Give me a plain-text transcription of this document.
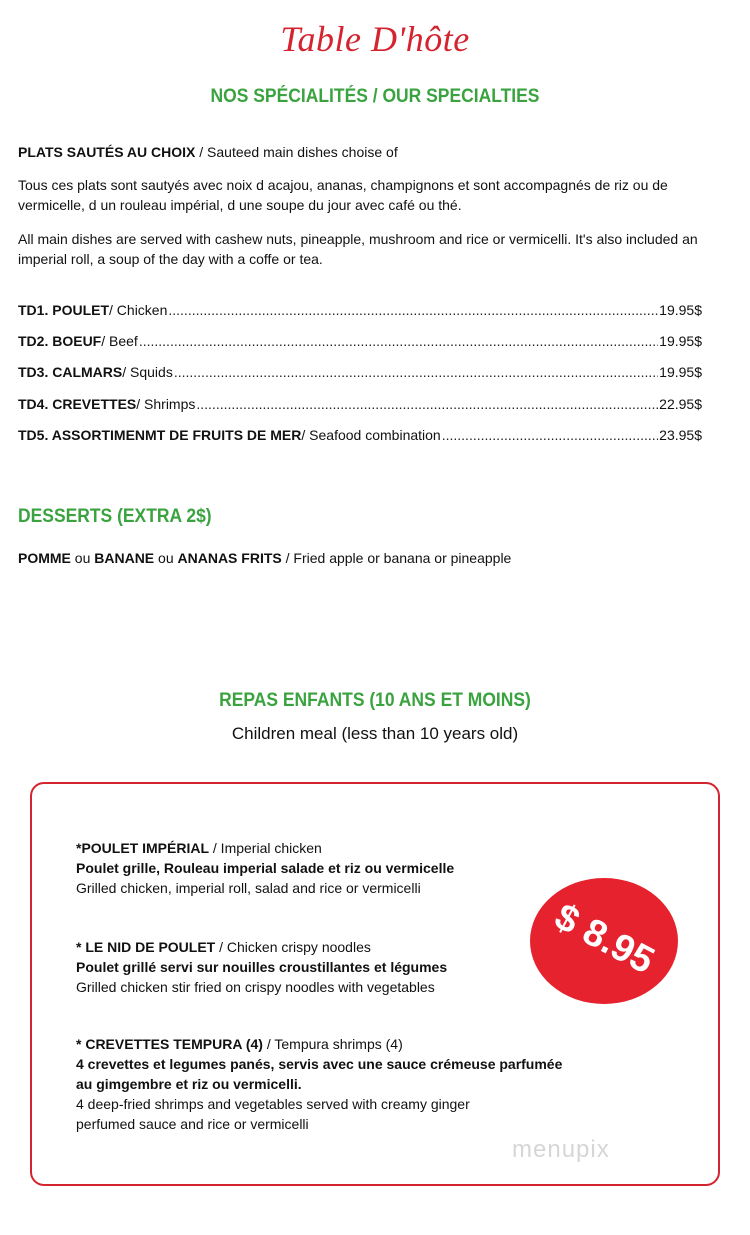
Table D'hôte
NOS SPÉCIALITÉS / OUR SPECIALTIES
PLATS SAUTÉS AU CHOIX / Sauteed main dishes choise of
Tous ces plats sont sautyés avec noix d acajou, ananas, champignons et sont accompagnés de riz ou de vermicelle, d un rouleau impérial, d une soupe du jour avec café ou thé.
All main dishes are served with cashew nuts, pineapple, mushroom and rice or vermicelli. It's also included an imperial roll, a soup of the day with a coffe or tea.
TD1. POULET / Chicken .....	19.95$
TD2. BOEUF / Beef .....	19.95$
TD3. CALMARS / Squids .....	19.95$
TD4. CREVETTES / Shrimps .....	22.95$
TD5. ASSORTIMENMT DE FRUITS DE MER / Seafood combination .....	23.95$
DESSERTS (EXTRA 2$)
POMME ou BANANE ou ANANAS FRITS / Fried apple or banana or pineapple
REPAS ENFANTS (10 ANS ET MOINS)
Children meal (less than 10 years old)
*POULET IMPÉRIAL / Imperial chicken
Poulet grille, Rouleau imperial salade et riz ou vermicelle
Grilled chicken, imperial roll, salad and rice or vermicelli
* LE NID DE POULET / Chicken crispy noodles
Poulet grillé servi sur nouilles croustillantes et légumes
Grilled chicken stir fried on crispy noodles with vegetables
* CREVETTES TEMPURA (4) / Tempura shrimps (4)
4 crevettes et legumes panés, servis avec une sauce crémeuse parfumée au gimgembre et riz ou vermicelli.
4 deep-fried shrimps and vegetables served with creamy ginger perfumed sauce and rice or vermicelli
$ 8.95
menupix
